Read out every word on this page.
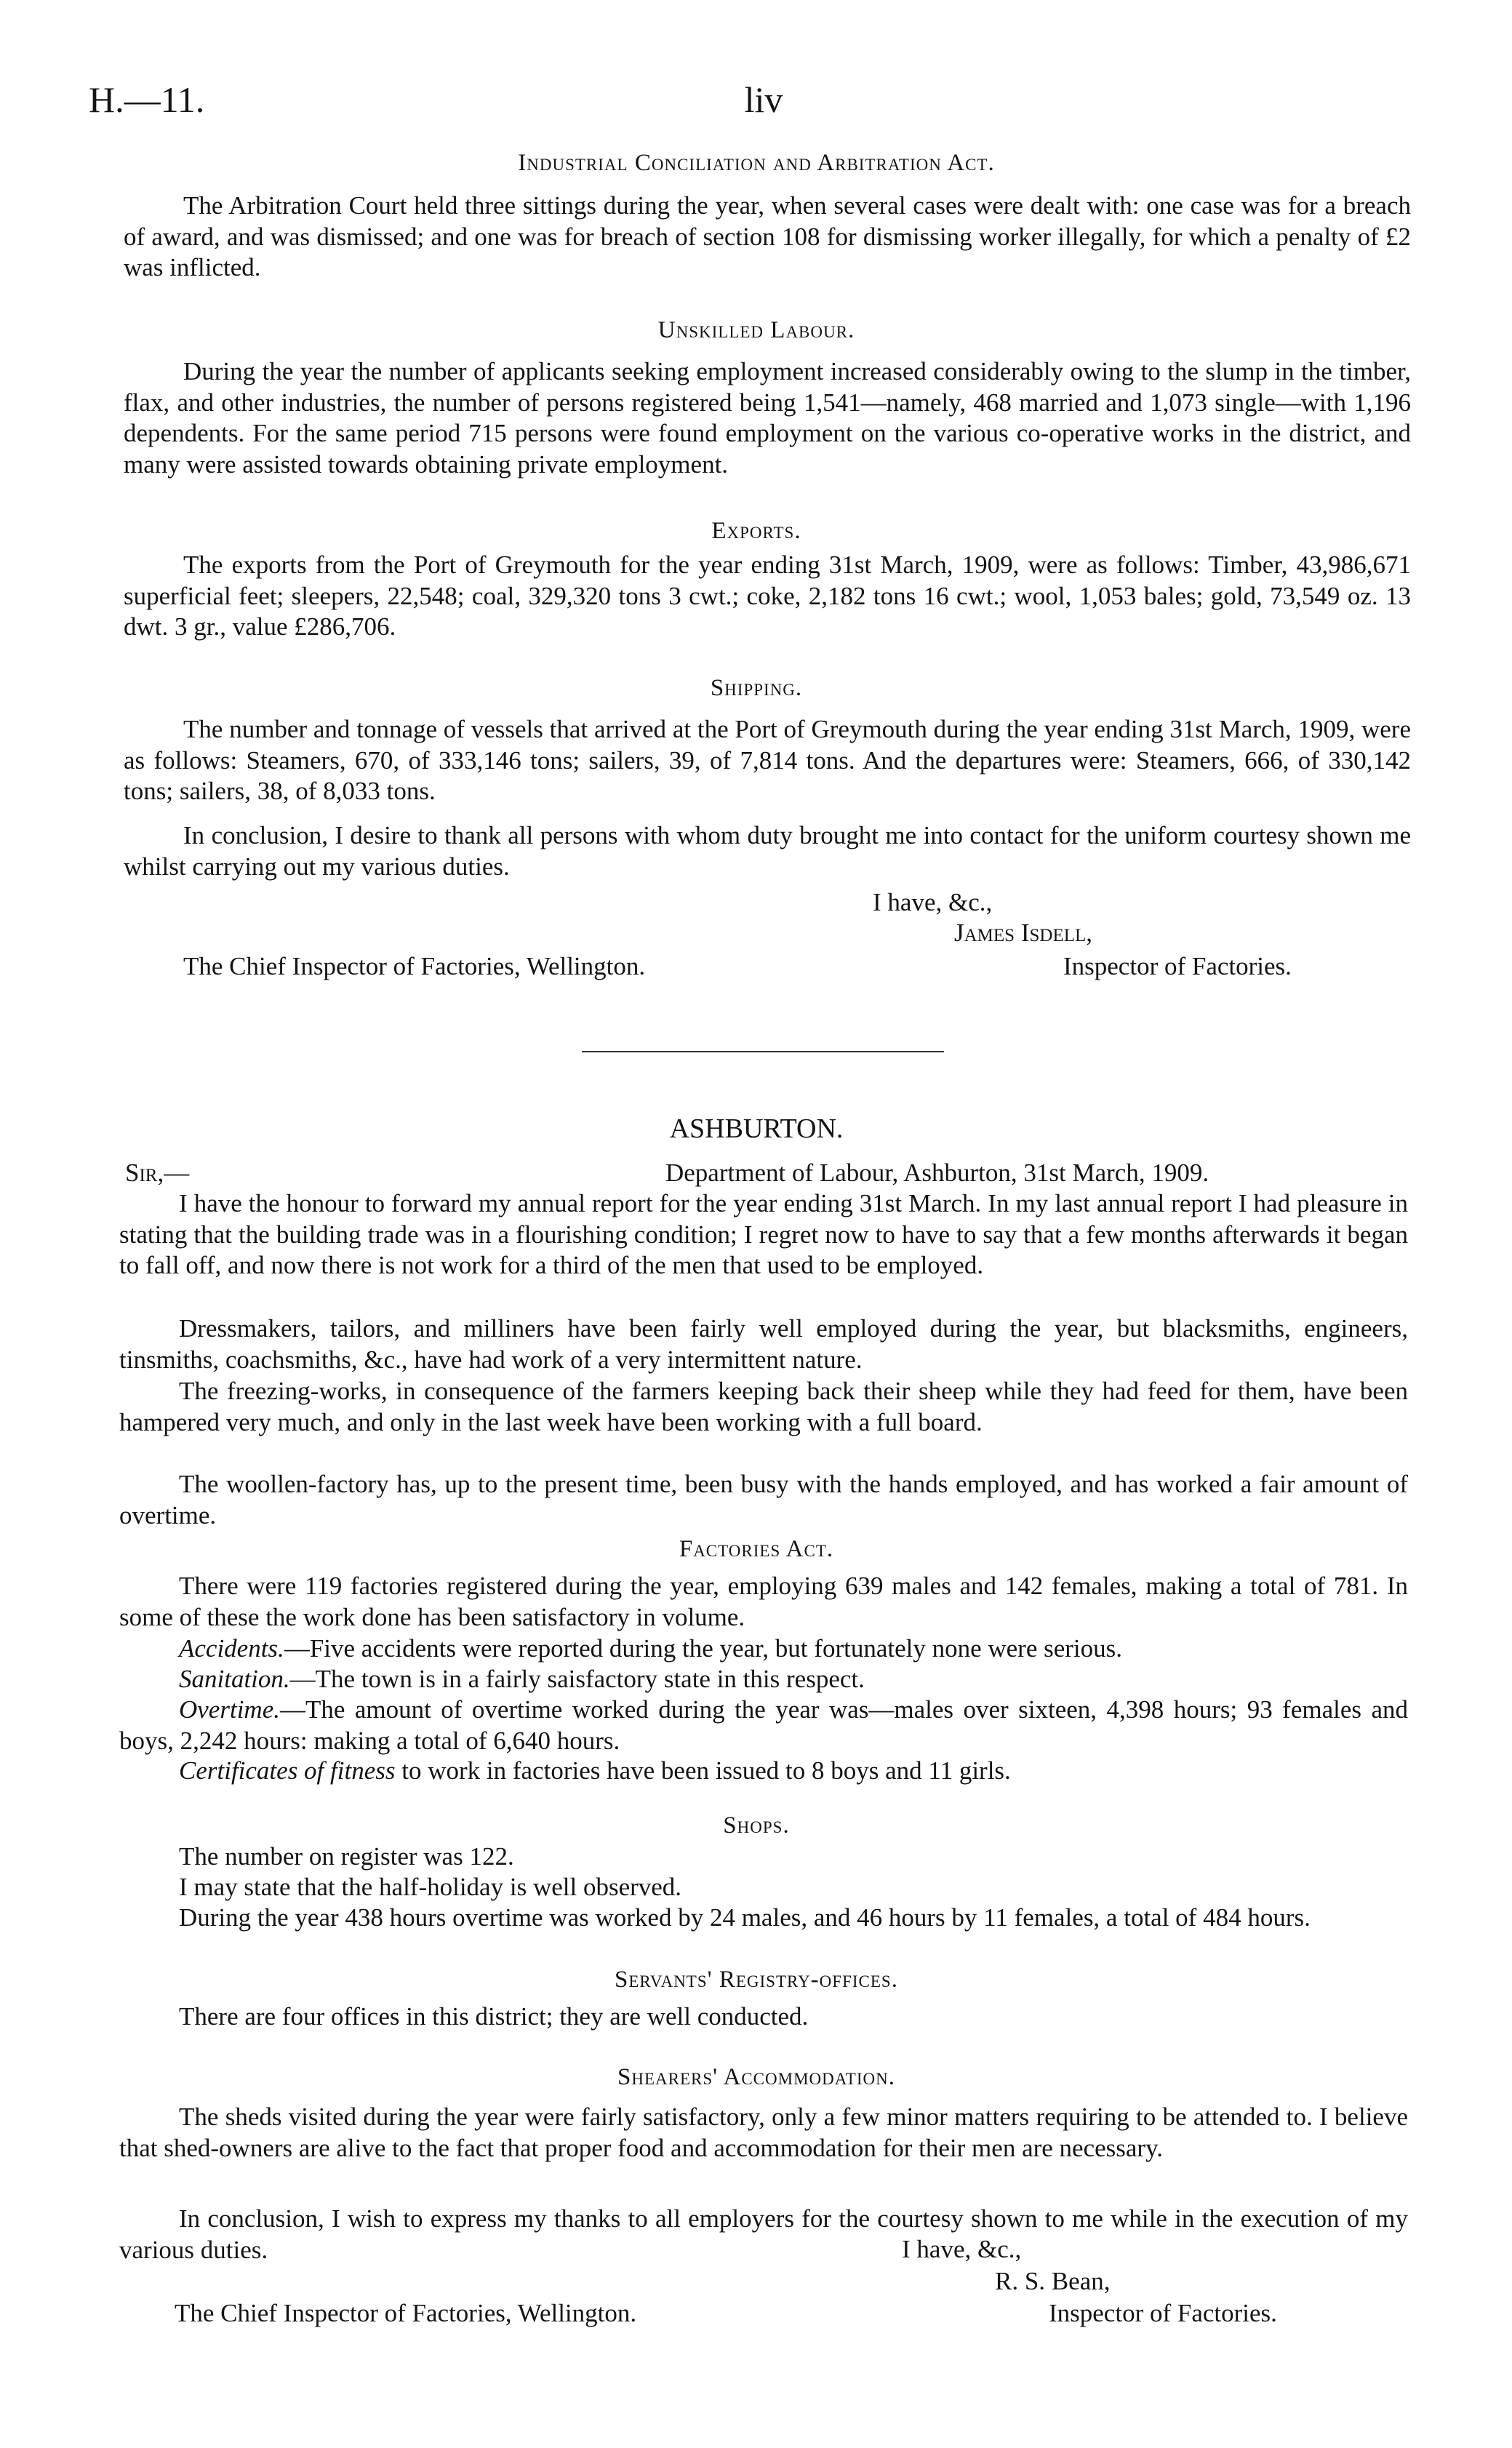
H.—11.	liv
Industrial Conciliation and Arbitration Act.

The Arbitration Court held three sittings during the year, when several cases were dealt with: one case was for a breach of award, and was dismissed; and one was for breach of section 108 for dismissing worker illegally, for which a penalty of £2 was inflicted.

Unskilled Labour.

During the year the number of applicants seeking employment increased considerably owing to the slump in the timber, flax, and other industries, the number of persons registered being 1,541—namely, 468 married and 1,073 single—with 1,196 dependents. For the same period 715 persons were found employment on the various co-operative works in the district, and many were assisted towards obtaining private employment.

Exports.

The exports from the Port of Greymouth for the year ending 31st March, 1909, were as follows: Timber, 43,986,671 superficial feet; sleepers, 22,548; coal, 329,320 tons 3 cwt.; coke, 2,182 tons 16 cwt.; wool, 1,053 bales; gold, 73,549 oz. 13 dwt. 3 gr., value £286,706.

Shipping.

The number and tonnage of vessels that arrived at the Port of Greymouth during the year ending 31st March, 1909, were as follows: Steamers, 670, of 333,146 tons; sailers, 39, of 7,814 tons. And the departures were: Steamers, 666, of 330,142 tons; sailers, 38, of 8,033 tons.

In conclusion, I desire to thank all persons with whom duty brought me into contact for the uniform courtesy shown me whilst carrying out my various duties.

I have, &c.,
James Isdell,
The Chief Inspector of Factories, Wellington.	Inspector of Factories.
ASHBURTON.
Sir,—	Department of Labour, Ashburton, 31st March, 1909.

I have the honour to forward my annual report for the year ending 31st March. In my last annual report I had pleasure in stating that the building trade was in a flourishing condition; I regret now to have to say that a few months afterwards it began to fall off, and now there is not work for a third of the men that used to be employed.

Dressmakers, tailors, and milliners have been fairly well employed during the year, but blacksmiths, engineers, tinsmiths, coachsmiths, &c., have had work of a very intermittent nature.

The freezing-works, in consequence of the farmers keeping back their sheep while they had feed for them, have been hampered very much, and only in the last week have been working with a full board.

The woollen-factory has, up to the present time, been busy with the hands employed, and has worked a fair amount of overtime.

Factories Act.

There were 119 factories registered during the year, employing 639 males and 142 females, making a total of 781. In some of these the work done has been satisfactory in volume.

Accidents.—Five accidents were reported during the year, but fortunately none were serious.

Sanitation.—The town is in a fairly saisfactory state in this respect.

Overtime.—The amount of overtime worked during the year was—males over sixteen, 4,398 hours; 93 females and boys, 2,242 hours: making a total of 6,640 hours.

Certificates of fitness to work in factories have been issued to 8 boys and 11 girls.

Shops.
The number on register was 122.
I may state that the half-holiday is well observed.

During the year 438 hours overtime was worked by 24 males, and 46 hours by 11 females, a total of 484 hours.

Servants' Registry-offices.
There are four offices in this district; they are well conducted.
Shearers' Accommodation.

The sheds visited during the year were fairly satisfactory, only a few minor matters requiring to be attended to. I believe that shed-owners are alive to the fact that proper food and accommodation for their men are necessary.

In conclusion, I wish to express my thanks to all employers for the courtesy shown to me while in the execution of my various duties.	I have, &c.,
R. S. Bean,
The Chief Inspector of Factories, Wellington.	Inspector of Factories.
